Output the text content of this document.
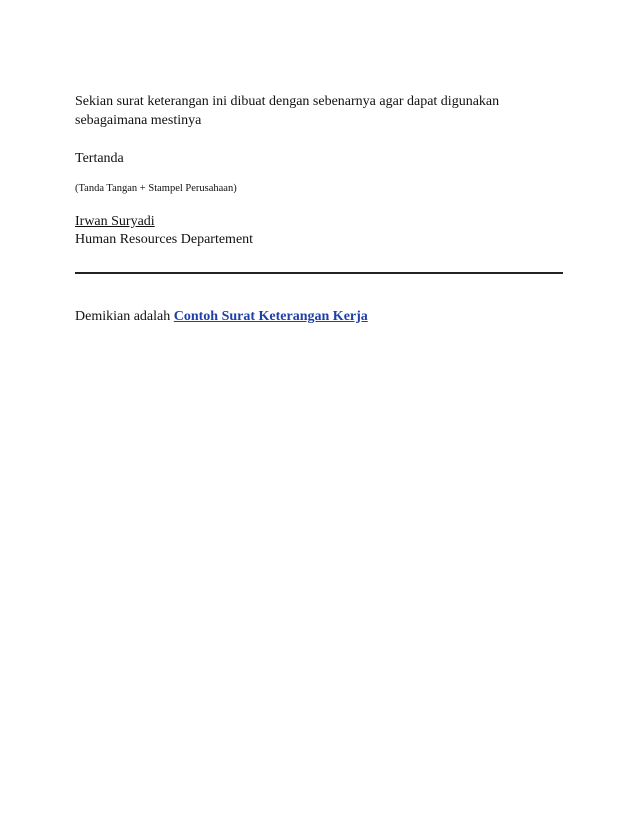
Sekian surat keterangan ini dibuat dengan sebenarnya agar dapat digunakan
sebagaimana mestinya

Tertanda

(Tanda Tangan + Stampel Perusahaan)

Irwan Suryadi
Human Resources Departement

Demikian adalah Contoh Surat Keterangan Kerja
